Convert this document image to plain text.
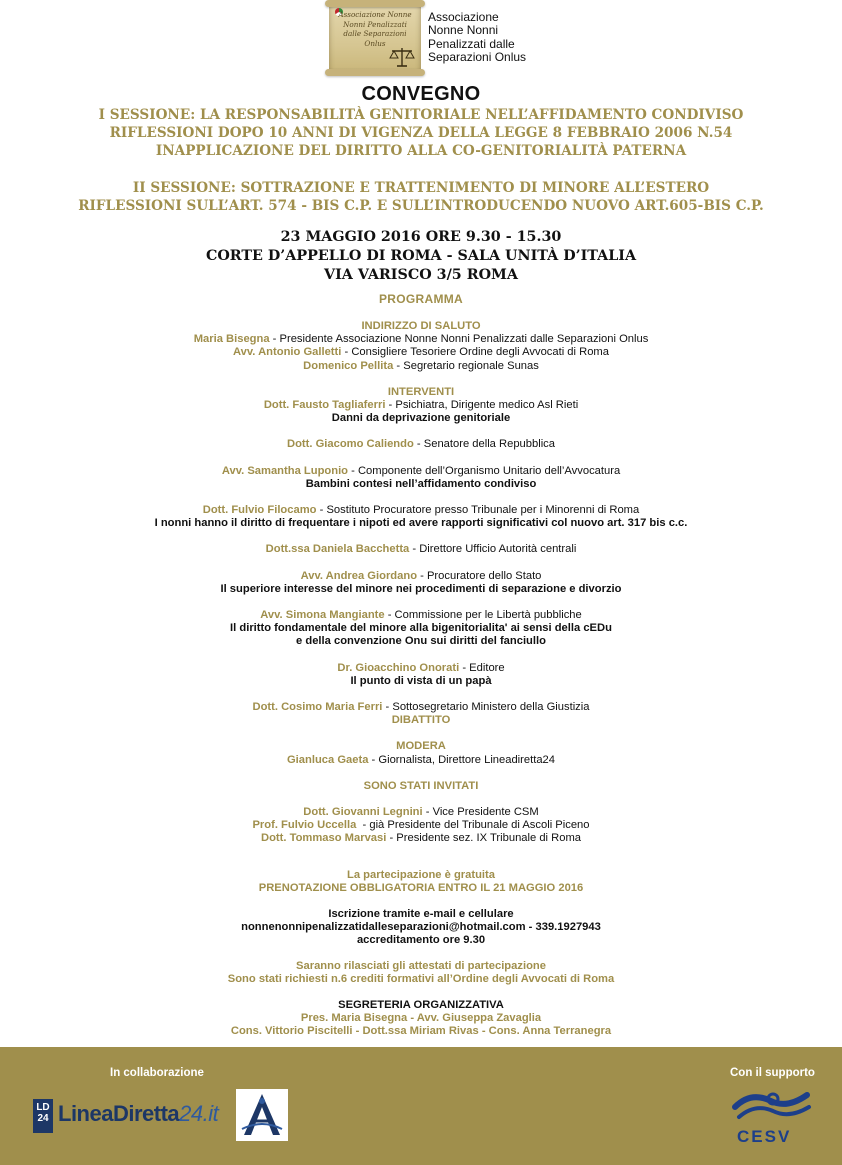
Associazione Nonne Nonni Penalizzati dalle Separazioni Onlus
Associazione
Nonne Nonni
Penalizzati dalle
Separazioni Onlus
CONVEGNO
I SESSIONE: LA RESPONSABILITÀ GENITORIALE NELL’AFFIDAMENTO CONDIVISO
RIFLESSIONI DOPO 10 ANNI DI VIGENZA DELLA LEGGE 8 FEBBRAIO 2006 N.54
INAPPLICAZIONE DEL DIRITTO ALLA CO-GENITORIALITÀ PATERNA
II SESSIONE: SOTTRAZIONE E TRATTENIMENTO DI MINORE ALL’ESTERO
RIFLESSIONI SULL’ART. 574 - BIS C.P. E SULL’INTRODUCENDO NUOVO ART.605-BIS C.P.
23 MAGGIO 2016 ORE 9.30 - 15.30
CORTE D’APPELLO DI ROMA - SALA UNITÀ D’ITALIA
VIA VARISCO 3/5 ROMA
PROGRAMMA
INDIRIZZO DI SALUTO
Maria Bisegna - Presidente Associazione Nonne Nonni Penalizzati dalle Separazioni Onlus
Avv. Antonio Galletti - Consigliere Tesoriere Ordine degli Avvocati di Roma
Domenico Pellita - Segretario regionale Sunas
INTERVENTI
Dott. Fausto Tagliaferri - Psichiatra, Dirigente medico Asl Rieti
Danni da deprivazione genitoriale
Dott. Giacomo Caliendo - Senatore della Repubblica
Avv. Samantha Luponio - Componente dell’Organismo Unitario dell’Avvocatura
Bambini contesi nell’affidamento condiviso
Dott. Fulvio Filocamo - Sostituto Procuratore presso Tribunale per i Minorenni di Roma
I nonni hanno il diritto di frequentare i nipoti ed avere rapporti significativi col nuovo art. 317 bis c.c.
Dott.ssa Daniela Bacchetta - Direttore Ufficio Autorità centrali
Avv. Andrea Giordano - Procuratore dello Stato
Il superiore interesse del minore nei procedimenti di separazione e divorzio
Avv. Simona Mangiante - Commissione per le Libertà pubbliche
Il diritto fondamentale del minore alla bigenitorialita' ai sensi della cEDu
e della convenzione Onu sui diritti del fanciullo
Dr. Gioacchino Onorati - Editore
Il punto di vista di un papà
Dott. Cosimo Maria Ferri - Sottosegretario Ministero della Giustizia
DIBATTITO
MODERA
Gianluca Gaeta - Giornalista, Direttore Lineadiretta24
SONO STATI INVITATI
Dott. Giovanni Legnini - Vice Presidente CSM
Prof. Fulvio Uccella  - già Presidente del Tribunale di Ascoli Piceno
Dott. Tommaso Marvasi - Presidente sez. IX Tribunale di Roma
La partecipazione è gratuita
PRENOTAZIONE OBBLIGATORIA ENTRO IL 21 MAGGIO 2016
Iscrizione tramite e-mail e cellulare
nonnenonnipenalizzatidalleseparazioni@hotmail.com - 339.1927943
accreditamento ore 9.30
Saranno rilasciati gli attestati di partecipazione
Sono stati richiesti n.6 crediti formativi all’Ordine degli Avvocati di Roma
SEGRETERIA ORGANIZZATIVA
Pres. Maria Bisegna - Avv. Giuseppa Zavaglia
Cons. Vittorio Piscitelli - Dott.ssa Miriam Rivas - Cons. Anna Terranegra
In collaborazione	Con il supporto
LD 24 LineaDiretta24.it
CESV
